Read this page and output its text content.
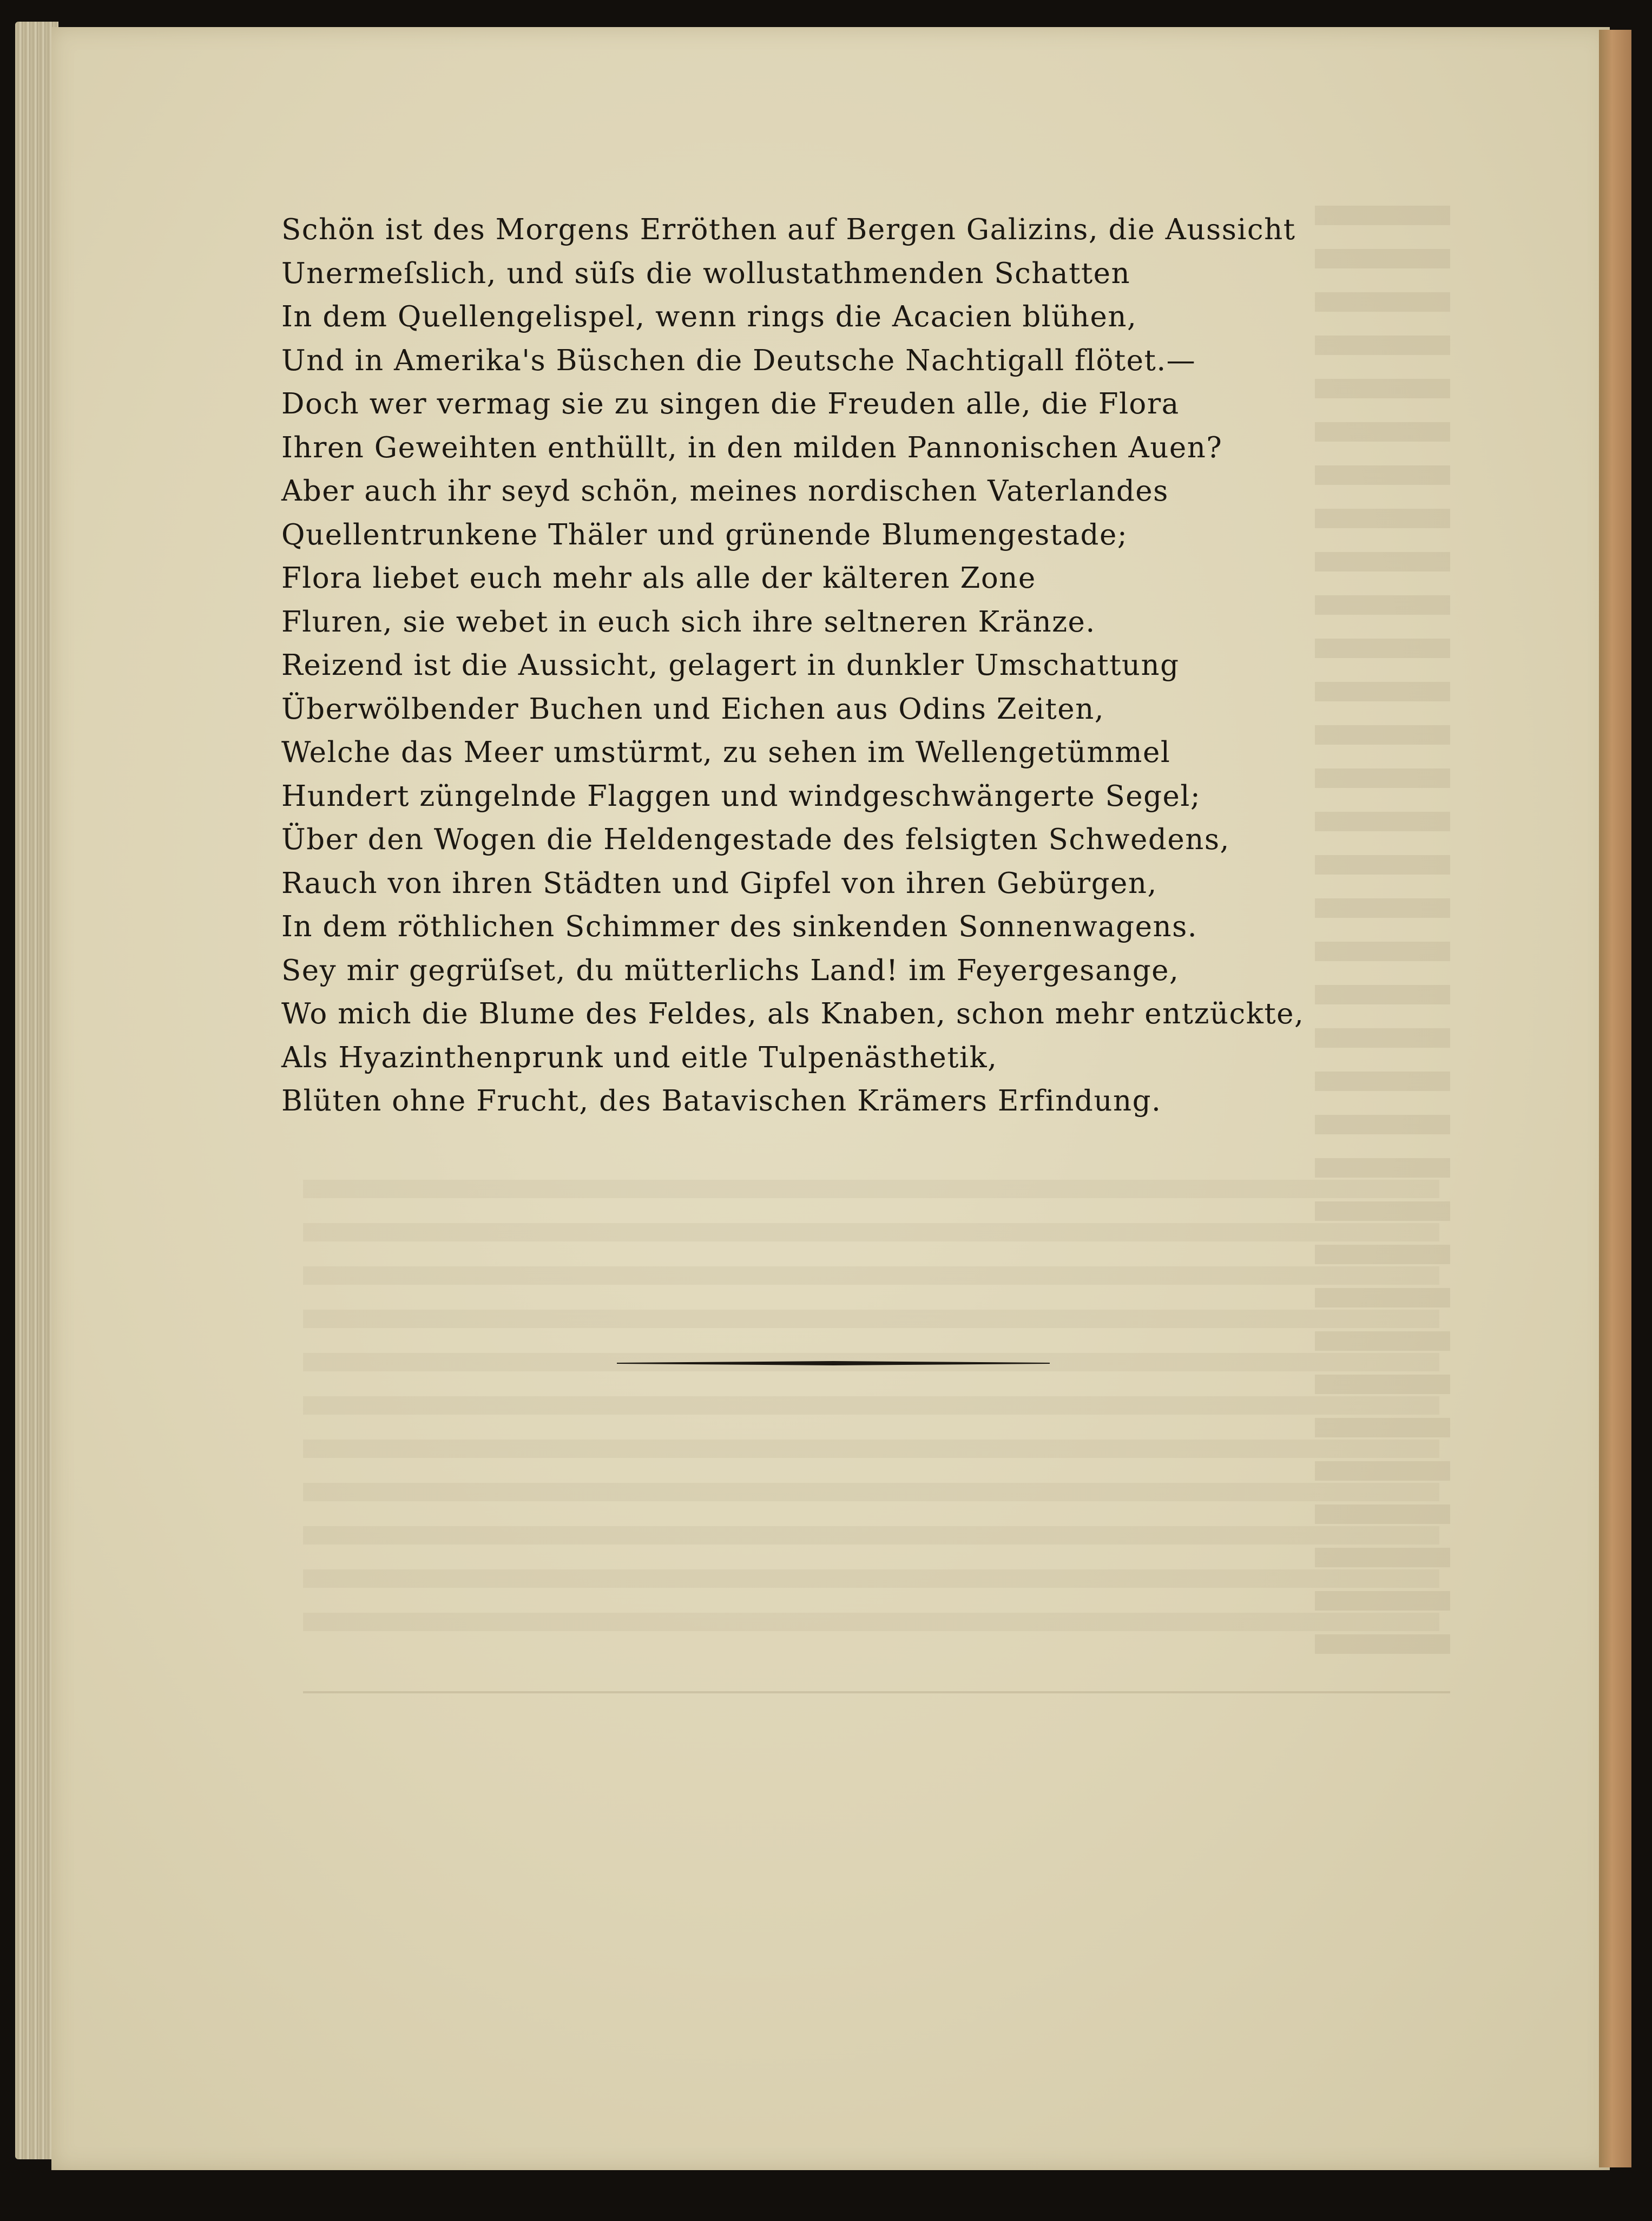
Schön ist des Morgens Erröthen auf Bergen Galizins, die Aussicht
Unermeſslich, und süſs die wollustathmenden Schatten
In dem Quellengelispel, wenn rings die Acacien blühen,
Und in Amerika's Büschen die Deutsche Nachtigall flötet.—
Doch wer vermag sie zu singen die Freuden alle, die Flora
Ihren Geweihten enthüllt, in den milden Pannonischen Auen?
Aber auch ihr seyd schön, meines nordischen Vaterlandes
Quellentrunkene Thäler und grünende Blumengestade;
Flora liebet euch mehr als alle der kälteren Zone
Fluren, sie webet in euch sich ihre seltneren Kränze.
Reizend ist die Aussicht, gelagert in dunkler Umschattung
Überwölbender Buchen und Eichen aus Odins Zeiten,
Welche das Meer umstürmt, zu sehen im Wellengetümmel
Hundert züngelnde Flaggen und windgeschwängerte Segel;
Über den Wogen die Heldengestade des felsigten Schwedens,
Rauch von ihren Städten und Gipfel von ihren Gebürgen,
In dem röthlichen Schimmer des sinkenden Sonnenwagens.
Sey mir gegrüſset, du mütterlichs Land! im Feyergesange,
Wo mich die Blume des Feldes, als Knaben, schon mehr entzückte,
Als Hyazinthenprunk und eitle Tulpenästhetik,
Blüten ohne Frucht, des Batavischen Krämers Erfindung.
